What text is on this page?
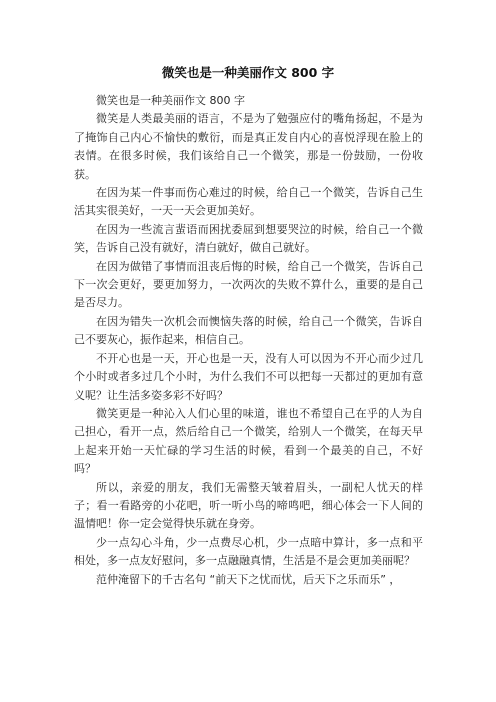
微笑也是一种美丽作文 800 字

微笑也是一种美丽作文 800 字

微笑是人类最美丽的语言，不是为了勉强应付的嘴角扬起，不是为了掩饰自己内心不愉快的敷衍，而是真正发自内心的喜悦浮现在脸上的表情。在很多时候，我们该给自己一个微笑，那是一份鼓励，一份收获。

在因为某一件事而伤心难过的时候，给自己一个微笑，告诉自己生活其实很美好，一天一天会更加美好。

在因为一些流言蜚语而困扰委屈到想要哭泣的时候，给自己一个微笑，告诉自己没有就好，清白就好，做自己就好。

在因为做错了事情而沮丧后悔的时候，给自己一个微笑，告诉自己下一次会更好，要更加努力，一次两次的失败不算什么，重要的是自己是否尽力。

在因为错失一次机会而懊恼失落的时候，给自己一个微笑，告诉自己不要灰心，振作起来，相信自己。

不开心也是一天，开心也是一天，没有人可以因为不开心而少过几个小时或者多过几个小时，为什么我们不可以把每一天都过的更加有意义呢？让生活多姿多彩不好吗？

微笑更是一种沁入人们心里的味道，谁也不希望自己在乎的人为自己担心，看开一点，然后给自己一个微笑，给别人一个微笑，在每天早上起来开始一天忙碌的学习生活的时候，看到一个最美的自己，不好吗？

所以，亲爱的朋友，我们无需整天皱着眉头，一副杞人忧天的样子；看一看路旁的小花吧，听一听小鸟的啼鸣吧，细心体会一下人间的温情吧！你一定会觉得快乐就在身旁。

少一点勾心斗角，少一点费尽心机，少一点暗中算计，多一点和平相处，多一点友好慰问，多一点融融真情，生活是不是会更加美丽呢？

范仲淹留下的千古名句 “前天下之忧而忧，后天下之乐而乐” ，
